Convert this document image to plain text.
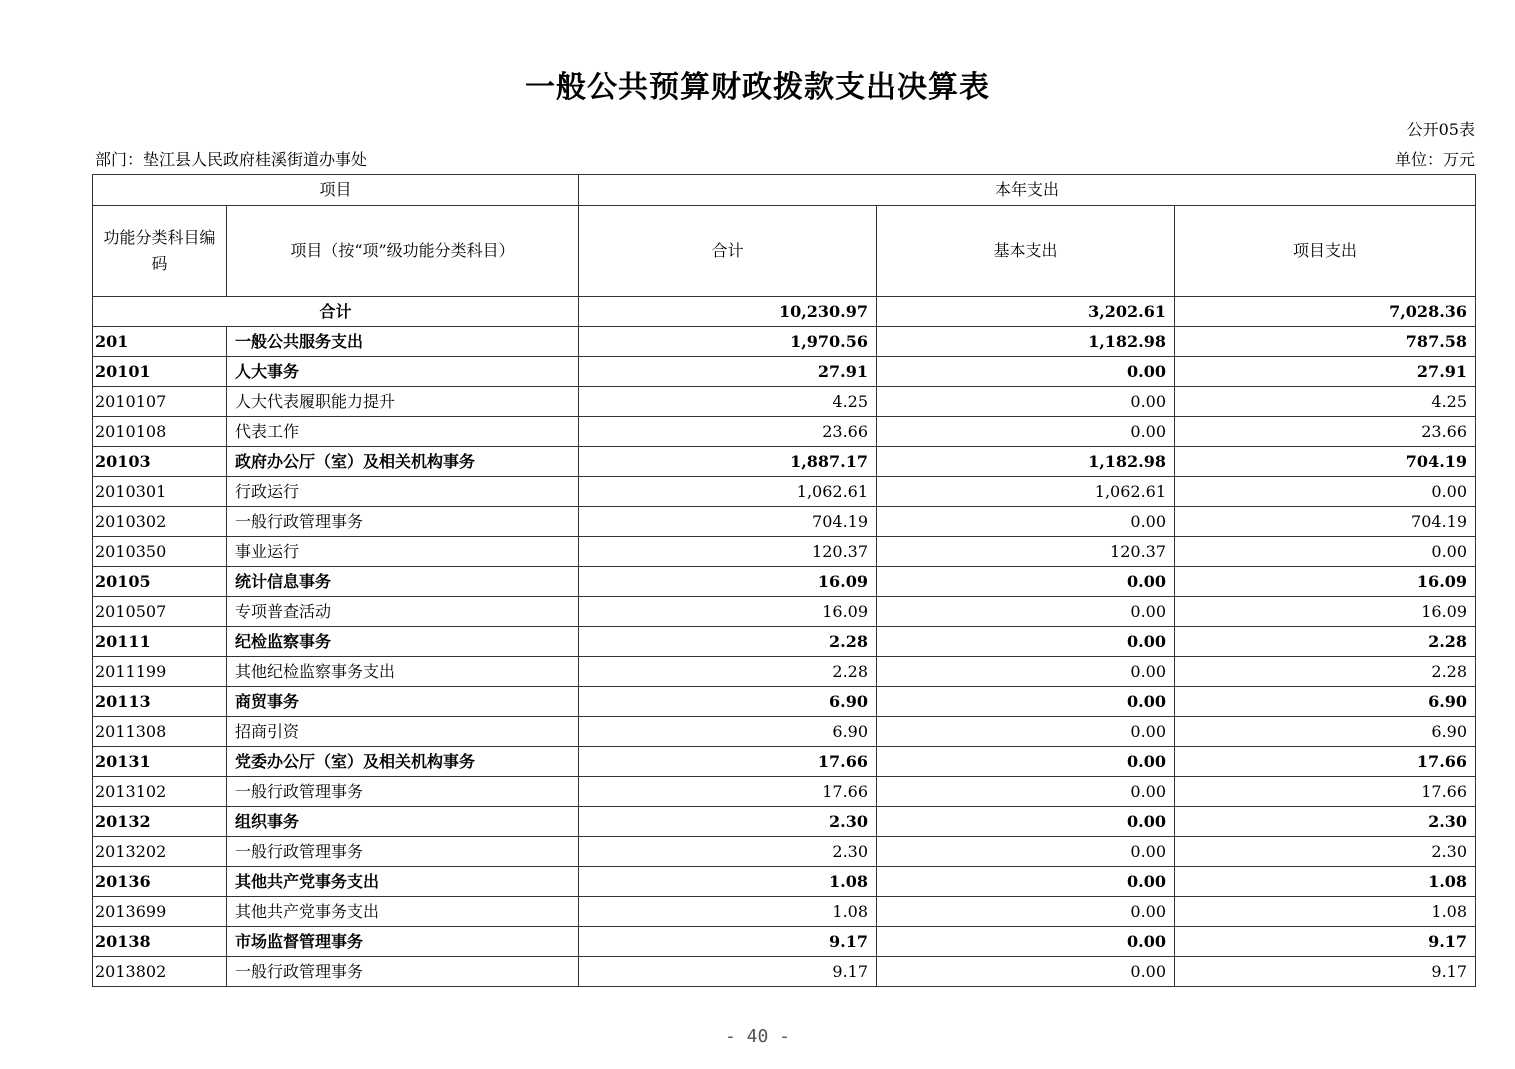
一般公共预算财政拨款支出决算表
公开05表
部门：垫江县人民政府桂溪街道办事处	单位：万元
项目		本年支出		
功能分类科目编码	项目（按“项”级功能分类科目）	合计	基本支出	项目支出
合计		10,230.97	3,202.61	7,028.36
201	一般公共服务支出	1,970.56	1,182.98	787.58
20101	人大事务	27.91	0.00	27.91
2010107	人大代表履职能力提升	4.25	0.00	4.25
2010108	代表工作	23.66	0.00	23.66
20103	政府办公厅（室）及相关机构事务	1,887.17	1,182.98	704.19
2010301	行政运行	1,062.61	1,062.61	0.00
2010302	一般行政管理事务	704.19	0.00	704.19
2010350	事业运行	120.37	120.37	0.00
20105	统计信息事务	16.09	0.00	16.09
2010507	专项普查活动	16.09	0.00	16.09
20111	纪检监察事务	2.28	0.00	2.28
2011199	其他纪检监察事务支出	2.28	0.00	2.28
20113	商贸事务	6.90	0.00	6.90
2011308	招商引资	6.90	0.00	6.90
20131	党委办公厅（室）及相关机构事务	17.66	0.00	17.66
2013102	一般行政管理事务	17.66	0.00	17.66
20132	组织事务	2.30	0.00	2.30
2013202	一般行政管理事务	2.30	0.00	2.30
20136	其他共产党事务支出	1.08	0.00	1.08
2013699	其他共产党事务支出	1.08	0.00	1.08
20138	市场监督管理事务	9.17	0.00	9.17
2013802	一般行政管理事务	9.17	0.00	9.17
- 40 -
